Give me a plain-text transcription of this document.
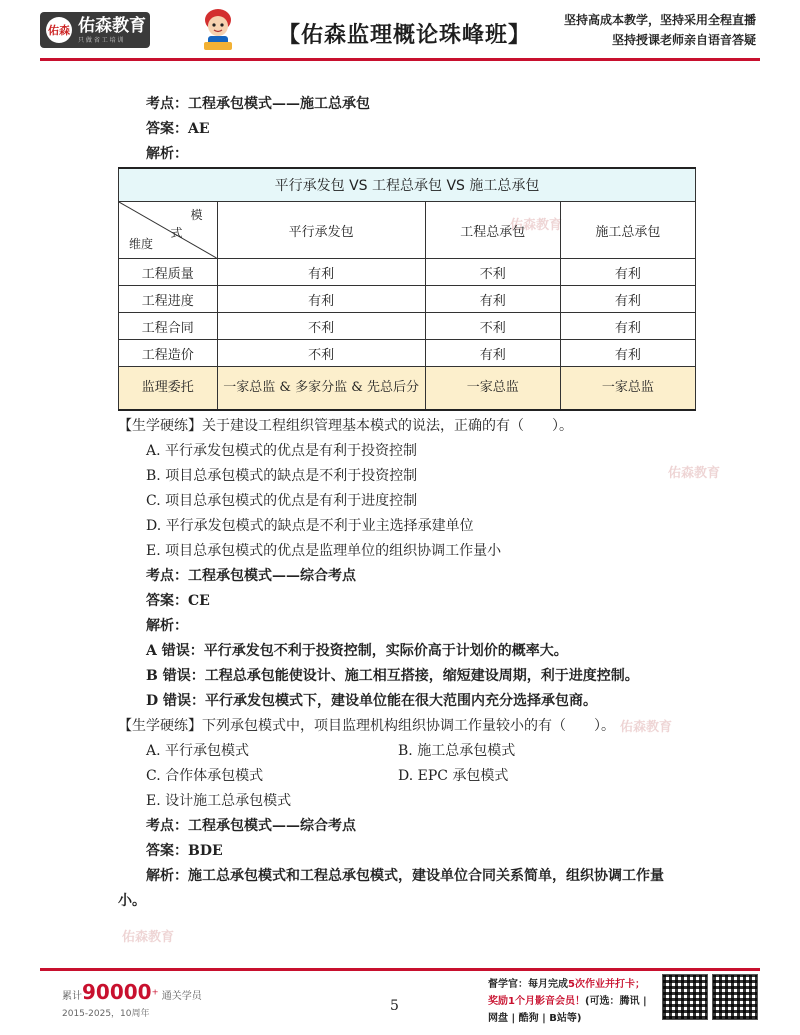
佑森 佑森教育
只 做 省 工 培 训	【佑森监理概论珠峰班】
坚持高成本教学，坚持采用全程直播
坚持授课老师亲自语音答疑
佑森教育
佑森教育
佑森教育
佑森教育
考点：工程承包模式——施工总承包
答案：AE
解析：
平行承发包 VS 工程总承包 VS 施工总承包			

模
式
维度	平行承发包	工程总承包	施工总承包
工程质量	有利	不利	有利
工程进度	有利	有利	有利
工程合同	不利	不利	有利
工程造价	不利	有利	有利
监理委托	一家总监 & 多家分监 & 先总后分	一家总监	一家总监
【生学硬练】关于建设工程组织管理基本模式的说法，正确的有（　　）。
A. 平行承发包模式的优点是有利于投资控制
B. 项目总承包模式的缺点是不利于投资控制
C. 项目总承包模式的优点是有利于进度控制
D. 平行承发包模式的缺点是不利于业主选择承建单位
E. 项目总承包模式的优点是监理单位的组织协调工作量小
考点：工程承包模式——综合考点
答案：CE
解析：
A 错误：平行承发包不利于投资控制，实际价高于计划价的概率大。
B 错误：工程总承包能使设计、施工相互搭接，缩短建设周期，利于进度控制。
D 错误：平行承发包模式下，建设单位能在很大范围内充分选择承包商。
【生学硬练】下列承包模式中，项目监理机构组织协调工作量较小的有（　　）。
A. 平行承包模式	B. 施工总承包模式
C. 合作体承包模式	D. EPC 承包模式
E. 设计施工总承包模式
考点：工程承包模式——综合考点
答案：BDE
解析：施工总承包模式和工程总承包模式，建设单位合同关系简单，组织协调工作量
小。
累计90000+ 通关学员
2015-2025，10周年	5
督学官：每月完成5次作业并打卡；
奖励1个月影音会员！(可选：腾讯 |
网盘 | 酷狗 | B站等)
